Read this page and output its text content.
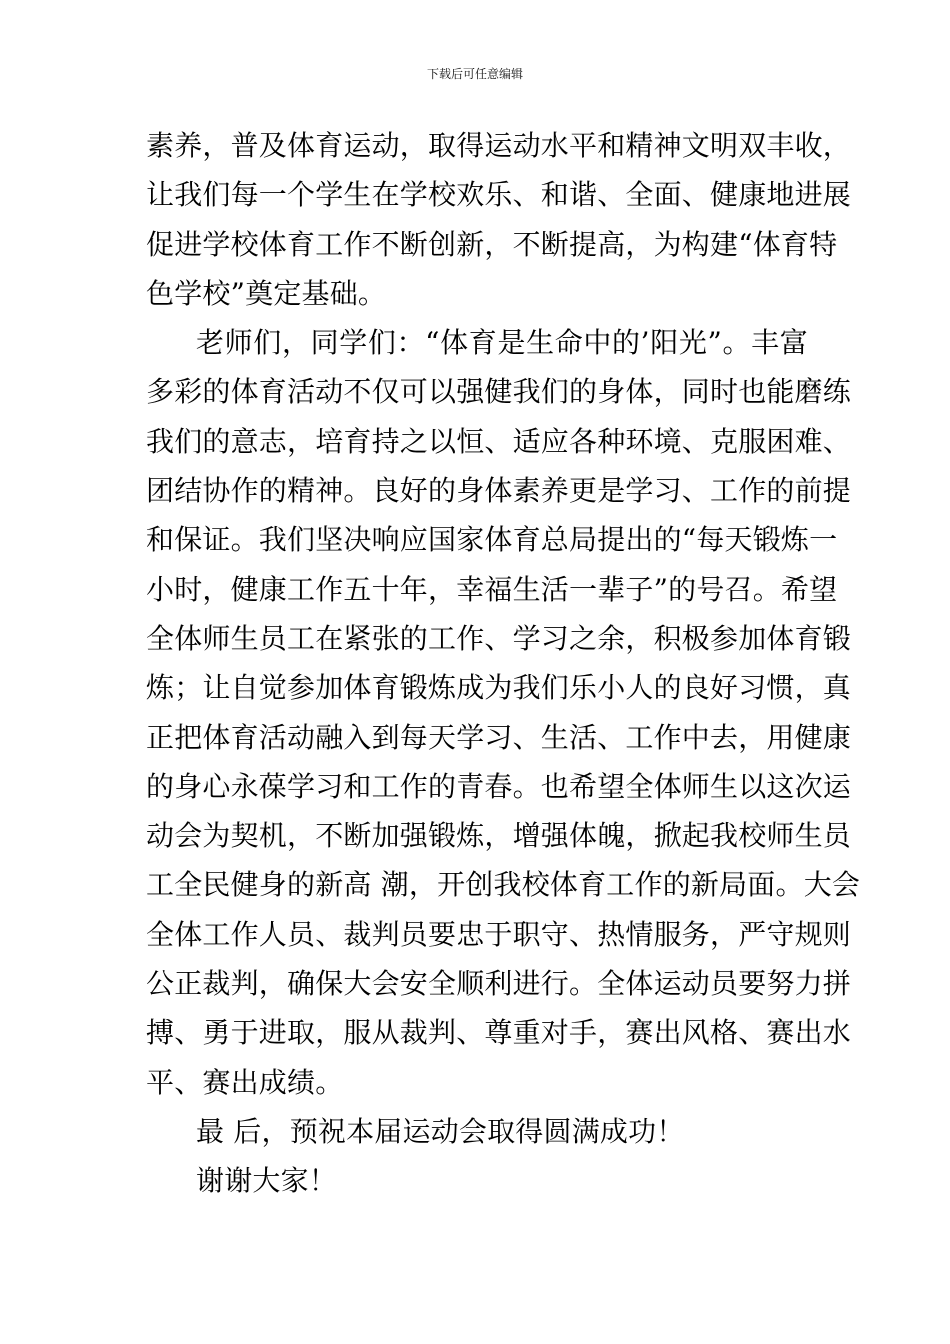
下载后可任意编辑
素养，普及体育运动，取得运动水平和精神文明双丰收，
让我们每一个学生在学校欢乐、和谐、全面、健康地进展
促进学校体育工作不断创新，不断提高，为构建“体育特
色学校”奠定基础。
老师们，同学们：“体育是生命中的’阳光”。丰富
多彩的体育活动不仅可以强健我们的身体，同时也能磨练
我们的意志，培育持之以恒、适应各种环境、克服困难、
团结协作的精神。良好的身体素养更是学习、工作的前提
和保证。我们坚决响应国家体育总局提出的“每天锻炼一
小时，健康工作五十年，幸福生活一辈子”的号召。希望
全体师生员工在紧张的工作、学习之余，积极参加体育锻
炼；让自觉参加体育锻炼成为我们乐小人的良好习惯，真
正把体育活动融入到每天学习、生活、工作中去，用健康
的身心永葆学习和工作的青春。也希望全体师生以这次运
动会为契机，不断加强锻炼，增强体魄，掀起我校师生员
工全民健身的新高 潮，开创我校体育工作的新局面。大会
全体工作人员、裁判员要忠于职守、热情服务，严守规则
公正裁判，确保大会安全顺利进行。全体运动员要努力拼
搏、勇于进取，服从裁判、尊重对手，赛出风格、赛出水
平、赛出成绩。
最 后，预祝本届运动会取得圆满成功！
谢谢大家！
